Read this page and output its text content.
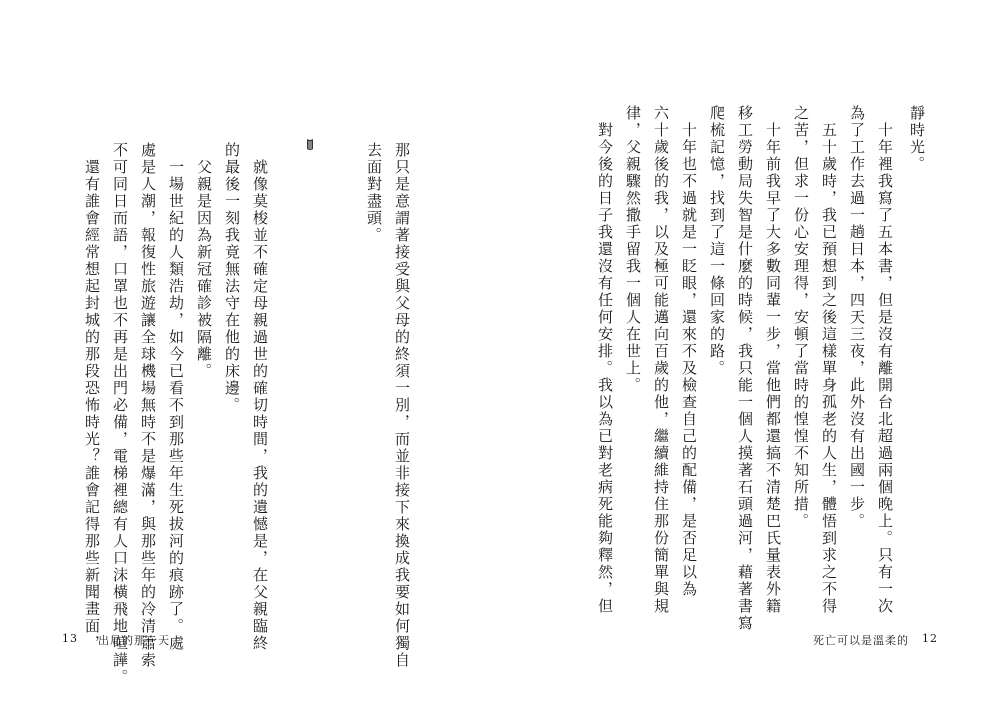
靜時光。
　十年裡我寫了五本書，但是沒有離開台北超過兩個晚上。只有一次
為了工作去過一趟日本，四天三夜，此外沒有出國一步。
　五十歲時，我已預想到之後這樣單身孤老的人生，體悟到求之不得
之苦，但求一份心安理得，安頓了當時的惶惶不知所措。
　十年前我早了大多數同輩一步，當他們都還搞不清楚巴氏量表外籍
移工勞動局失智是什麼的時候，我只能一個人摸著石頭過河，藉著書寫
爬梳記憶，找到了這一條回家的路。
　十年也不過就是一眨眼，還來不及檢查自己的配備，是否足以為
六十歲後的我，以及極可能邁向百歲的他，繼續維持住那份簡單與規
律，父親驟然撒手留我一個人在世上。
　對今後的日子我還沒有任何安排。我以為已對老病死能夠釋然，但
死亡可以是溫柔的 12
那只是意謂著接受與父母的終須一別，而並非接下來換成我要如何獨自
去面對盡頭。
　就像莫梭並不確定母親過世的確切時間，我的遺憾是，在父親臨終
的最後一刻我竟無法守在他的床邊。
　父親是因為新冠確診被隔離。
　一場世紀的人類浩劫，如今已看不到那些年生死拔河的痕跡了。處
處是人潮，報復性旅遊讓全球機場無時不是爆滿，與那些年的冷清蕭索
不可同日而語，口罩也不再是出門必備，電梯裡總有人口沫橫飛地喧譁。
　還有誰會經常想起封城的那段恐怖時光？誰會記得那些新聞畫面，
13 出局的那一天
